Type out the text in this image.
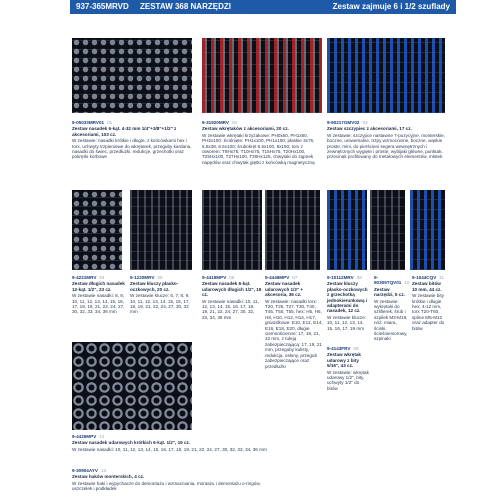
937-365MRVD ZESTAW 368 NARZĘDZI	Zestaw zajmuje 6 i 1/2 szuflady
9-05033MRV01 01

Zestaw nasadek 6-kąt. 4-32 mm 1/4"+3/8"+1/2" z akcesoriami, 103 cz.

W zestawie: nasadki krótkie i długie, z końcówkami hex i torx, uchwyty trzpieniowe do wkrętarek, przeguby kardana, nasadki do świec, przedłużki, redukcje, grzechotki oraz pokrętło korbowe

9-31920MRV 02

Zestaw wkrętaków z akcesoriami, 20 cz.

W zestawie wkrętaki krzyżakowe: PH0x60, PH1x80, PH2x100. Ściśnięte: PH1x100, PH1x150; płaskie 3x75, 6.5x38, 6.5x100; śrubokręt 6.5x100, 8x150; torx z otworem: T8Hx75, T10Hx75, T15Hx75, T20Hx100, T25Hx100, T27Hx100, T30Hx125, chwytaki do ząpnek napędów oraz chwytak giętki z końcówką magnetyczną

9-90217GMV02 03

Zestaw szczypiec z akcesoriami, 17 cz.

W zestawie: szczypce nastawne 7-pozycyjne, monterskie, boczne, uniwersalne, trzpy wzmocnione, boczne, wąskie proste, mini, do pierścieni segera wewnętrznych i zewnętrznych wygięte i proste, wybijaki główne, punktak, przecinak profilowany do metalowych elementów, młotek

9-4221MRV 04

Zestaw długich nasadek 12-kąt. 1/2", 23 cz.

W zestawie nasadki: 8, 9, 10, 11, 12, 13, 14, 15, 16, 17, 18, 19, 21, 22, 24, 27, 30, 32, 33, 34, 36 mm

9-1220MRV 05

Zestaw kluczy płasko-oczkowych, 20 cz.

W zestawie klucze: 6, 7, 8, 9, 10, 11, 12, 13, 14, 15, 16, 17, 18, 19, 21, 22, 24, 27, 30, 32 mm

9-4419MPV 06

Zestaw nasadek 6-kąt. udarowych długich 1/2", 19 cz.

W zestawie nasadki: 10, 11, 12, 13, 14, 15, 16, 17, 18, 19, 21, 22, 24, 27, 30, 32, 33, 34, 36 mm

9-4446MPV 07

Zestaw nasadek udarowych 1/2" + akcesoria, 36 cz.

W zestawie: nasadki torx: T20, T25, T27, T30, T40, T45, T50, T55, hex: H5, H6, H8, H10, H12, H14, H17, gniazdkowe: E10, E12, E14, E16, E18, E20, długie ciemnościenne: 17, 19, 21, 22 mm, z tuleją zabezpieczającą: 17, 19, 21 mm, przeguby kulisty, redukcja, osłony, przegub zabezpieczające oraz przedłużki

9-10112MRV 08

Zestaw kluczy płasko-oczkowych z grzechotką jednokierunkową i adapterami do nasadek, 12 cz.

W zestawie klucze: 10, 11, 12, 13, 14, 15, 16, 17, 19 mm

9-4143FRV 09

Zestaw wkrętak udarowy z bity 5/16", 43 cz.

W zestawie: wkrętak udarowy 1/2", bity, uchwyty 1/2" do bitów

9-90305TQV01 10

Zestaw narzędzi, 5 cz.

W zestawie: wykrętaki do szlifierek, śrub i szpilek M3-M18, nóż, miara, ściski, ścieśnieniorowy, szpinaki

9-1044CQV 11

Zestaw bitów 10 mm, 44 cz.

W zestawie bity krótkie i długie hex: 4-12 mm, torx T20-T60, spline M5-M12 oraz adapter do bitów

9-4426MPV 12

Zestaw nasadek udarowych krótkich 6-kąt. 1/2", 19 cz.

W zestawie nasadki: 10, 11, 12, 13, 14, 15, 16, 17, 18, 19, 21, 22, 24, 27, 30, 32, 33, 34, 36 mm

9-30904AYV 13

Zestaw haków monterskich, 4 cz.

W zestawie haki i wypychacze do demontażu i wzmacniania, montażu i demontażu o-ringów, uszczelek i podkładek
